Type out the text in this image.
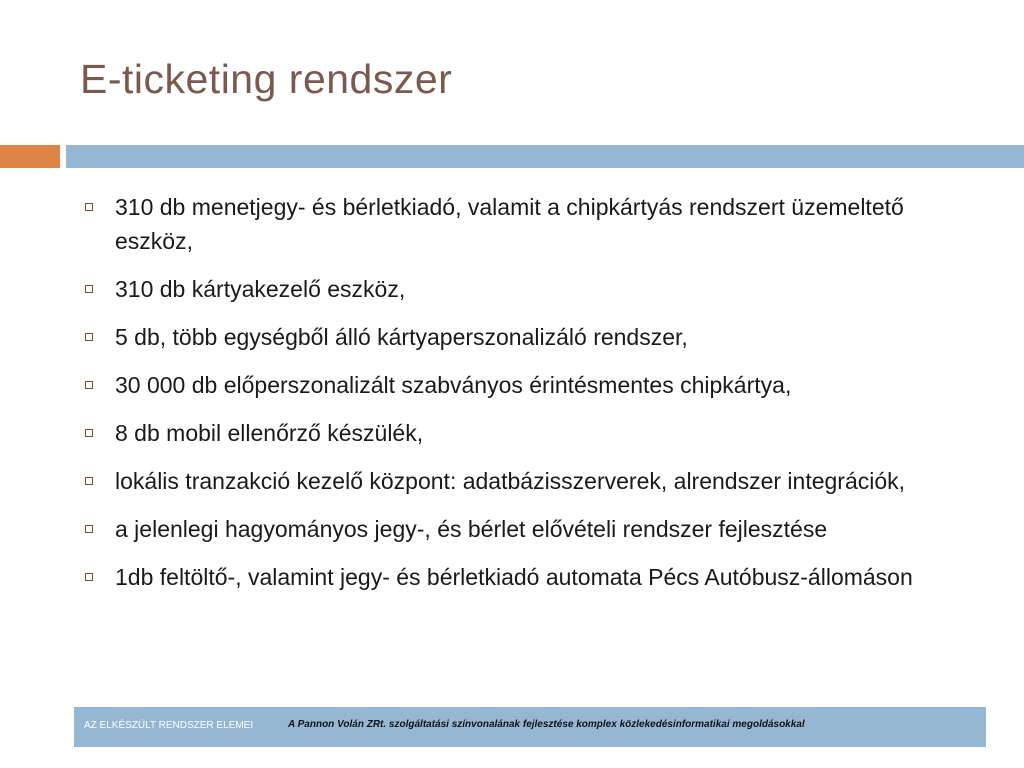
E-ticketing rendszer
310 db menetjegy- és bérletkiadó, valamit a chipkártyás rendszert üzemeltető eszköz,
310 db kártyakezelő eszköz,
5 db, több egységből álló kártyaperszonalizáló rendszer,
30 000 db előperszonalizált szabványos érintésmentes chipkártya,
8 db mobil ellenőrző készülék,
lokális tranzakció kezelő központ: adatbázisszerverek, alrendszer integrációk,
a jelenlegi hagyományos jegy-, és bérlet elővételi rendszer fejlesztése
1db feltöltő-, valamint jegy- és bérletkiadó automata Pécs Autóbusz-állomáson
AZ ELKÉSZÜLT RENDSZER ELEMEI	A Pannon Volán ZRt. szolgáltatási színvonalának fejlesztése komplex közlekedésinformatikai megoldásokkal
